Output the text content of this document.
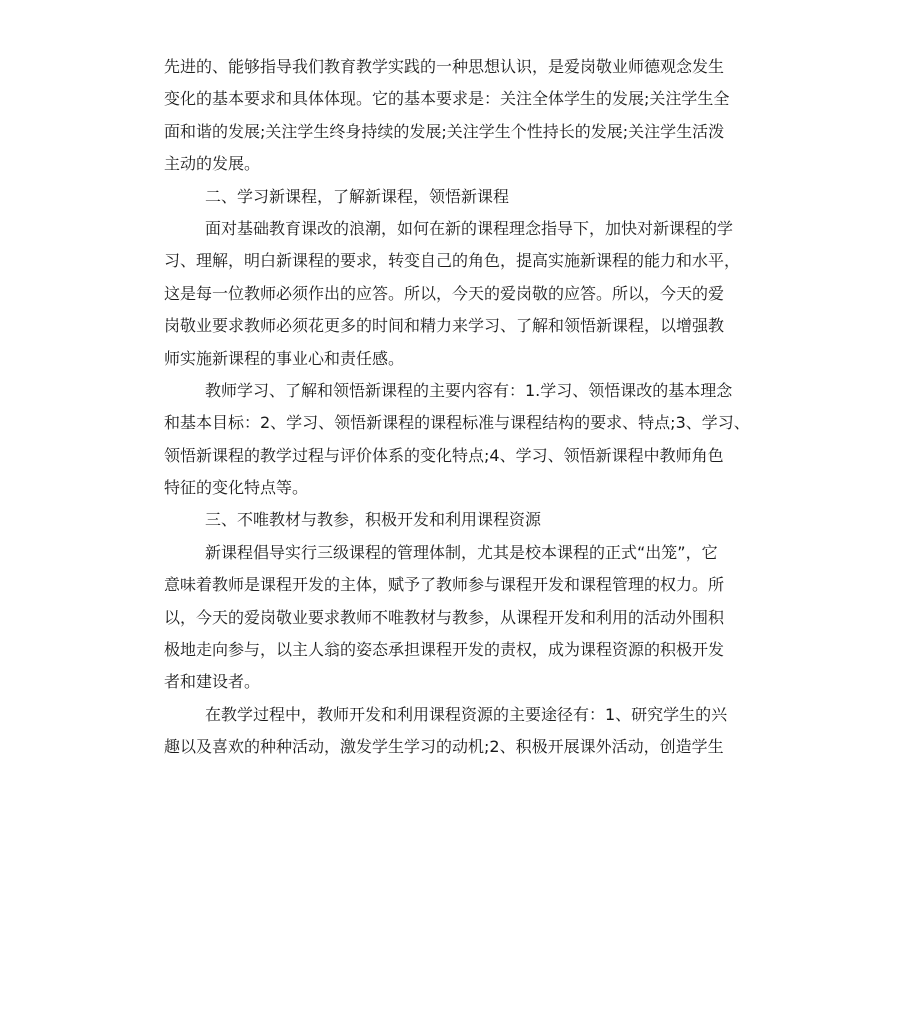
先进的、能够指导我们教育教学实践的一种思想认识，是爱岗敬业师德观念发生
变化的基本要求和具体体现。它的基本要求是：关注全体学生的发展;关注学生全
面和谐的发展;关注学生终身持续的发展;关注学生个性持长的发展;关注学生活泼
主动的发展。
二、学习新课程，了解新课程，领悟新课程
面对基础教育课改的浪潮，如何在新的课程理念指导下，加快对新课程的学
习、理解，明白新课程的要求，转变自己的角色，提高实施新课程的能力和水平，
这是每一位教师必须作出的应答。所以，今天的爱岗敬的应答。所以，今天的爱
岗敬业要求教师必须花更多的时间和精力来学习、了解和领悟新课程，以增强教
师实施新课程的事业心和责任感。
教师学习、了解和领悟新课程的主要内容有：1.学习、领悟课改的基本理念
和基本目标：2、学习、领悟新课程的课程标准与课程结构的要求、特点;3、学习、
领悟新课程的教学过程与评价体系的变化特点;4、学习、领悟新课程中教师角色
特征的变化特点等。
三、不唯教材与教参，积极开发和利用课程资源
新课程倡导实行三级课程的管理体制，尤其是校本课程的正式“出笼”，它
意味着教师是课程开发的主体，赋予了教师参与课程开发和课程管理的权力。所
以，今天的爱岗敬业要求教师不唯教材与教参，从课程开发和利用的活动外围积
极地走向参与，以主人翁的姿态承担课程开发的责权，成为课程资源的积极开发
者和建设者。
在教学过程中，教师开发和利用课程资源的主要途径有：1、研究学生的兴
趣以及喜欢的种种活动，激发学生学习的动机;2、积极开展课外活动，创造学生
